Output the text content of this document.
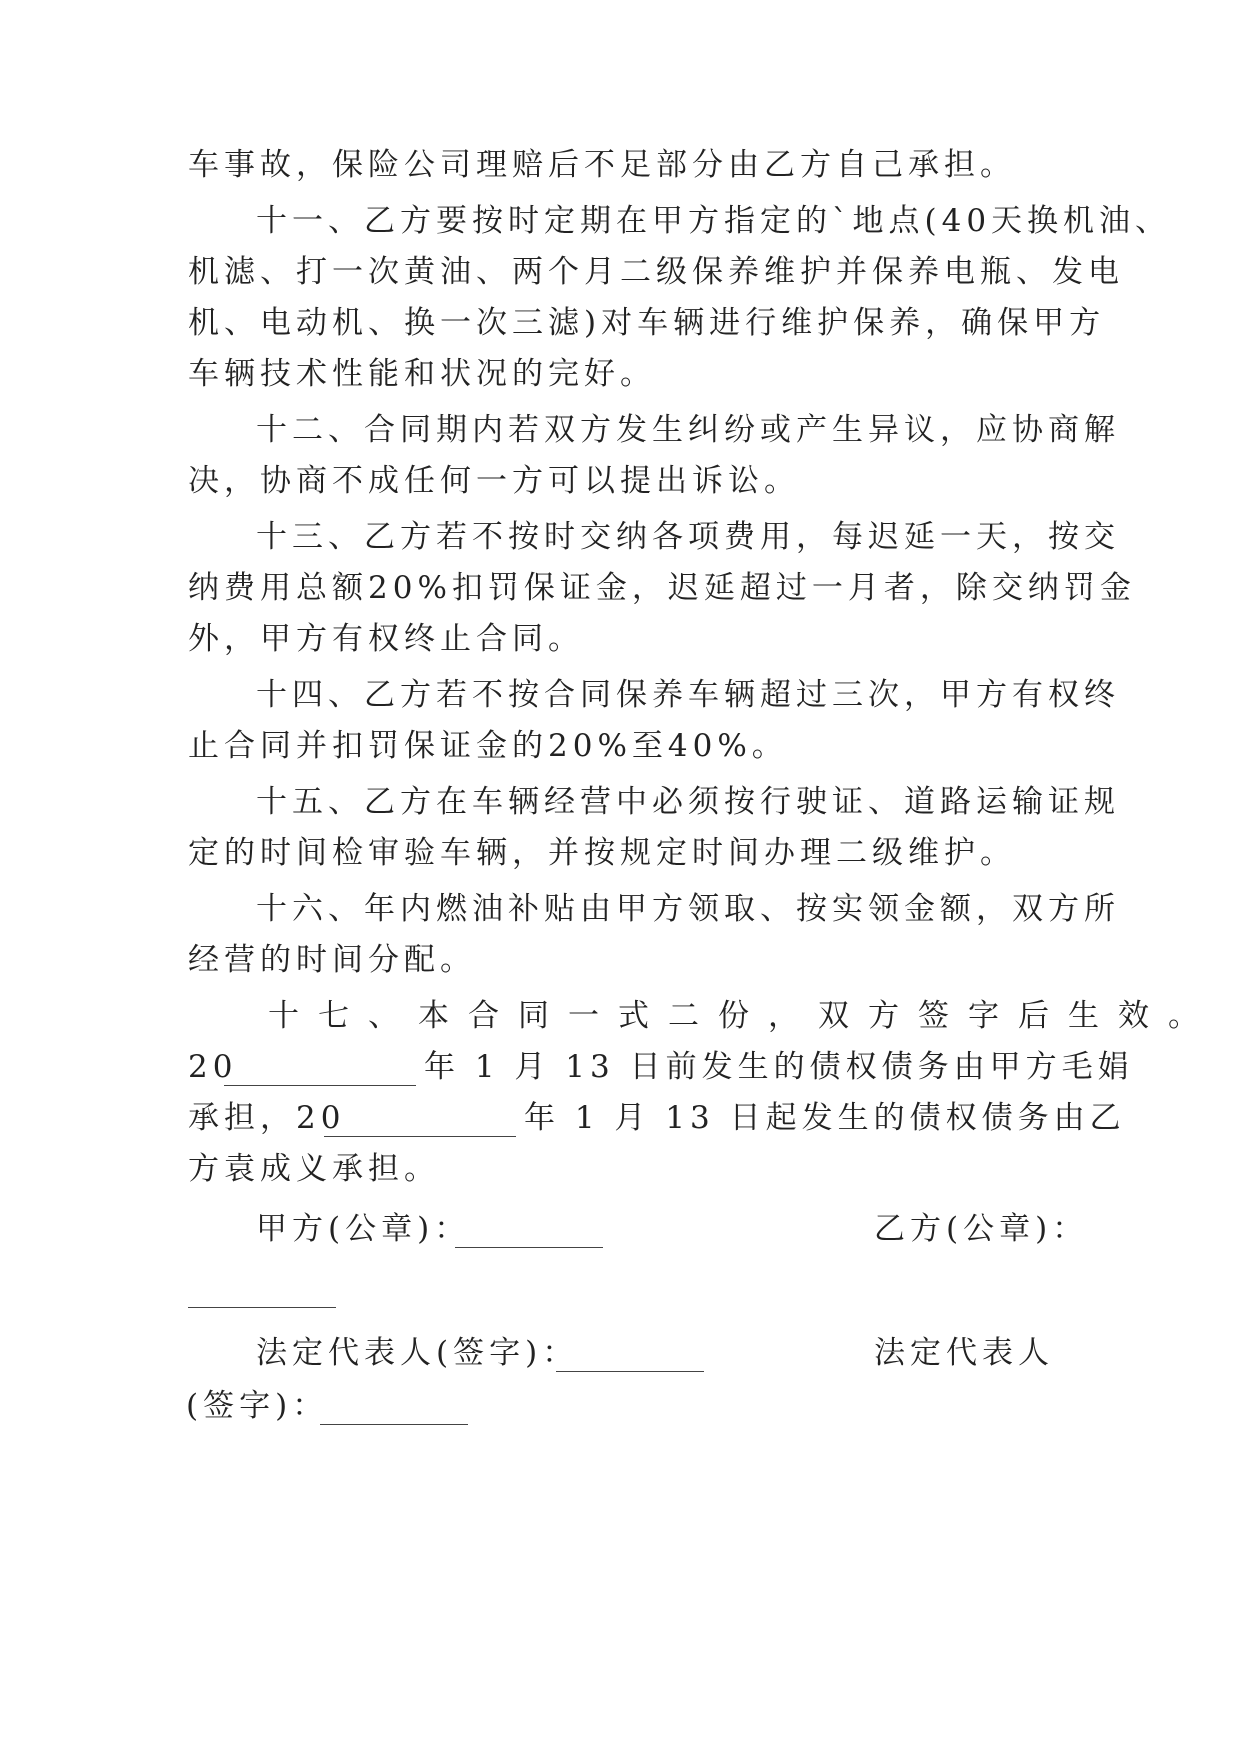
车事故，保险公司理赔后不足部分由乙方自己承担。
十一、乙方要按时定期在甲方指定的`地点(40天换机油、
机滤、打一次黄油、两个月二级保养维护并保养电瓶、发电
机、电动机、换一次三滤)对车辆进行维护保养，确保甲方
车辆技术性能和状况的完好。
十二、合同期内若双方发生纠纷或产生异议，应协商解
决，协商不成任何一方可以提出诉讼。
十三、乙方若不按时交纳各项费用，每迟延一天，按交
纳费用总额20%扣罚保证金，迟延超过一月者，除交纳罚金
外，甲方有权终止合同。
十四、乙方若不按合同保养车辆超过三次，甲方有权终
止合同并扣罚保证金的20%至40%。
十五、乙方在车辆经营中必须按行驶证、道路运输证规
定的时间检审验车辆，并按规定时间办理二级维护。
十六、年内燃油补贴由甲方领取、按实领金额，双方所
经营的时间分配。
十七、本合同一式二份，双方签字后生效。
20	年 1 月 13 日前发生的债权债务由甲方毛娟
承担，20	年 1 月 13 日起发生的债权债务由乙
方袁成义承担。
甲方(公章)：	乙方(公章)：
法定代表人(签字)：	法定代表人
(签字)：
